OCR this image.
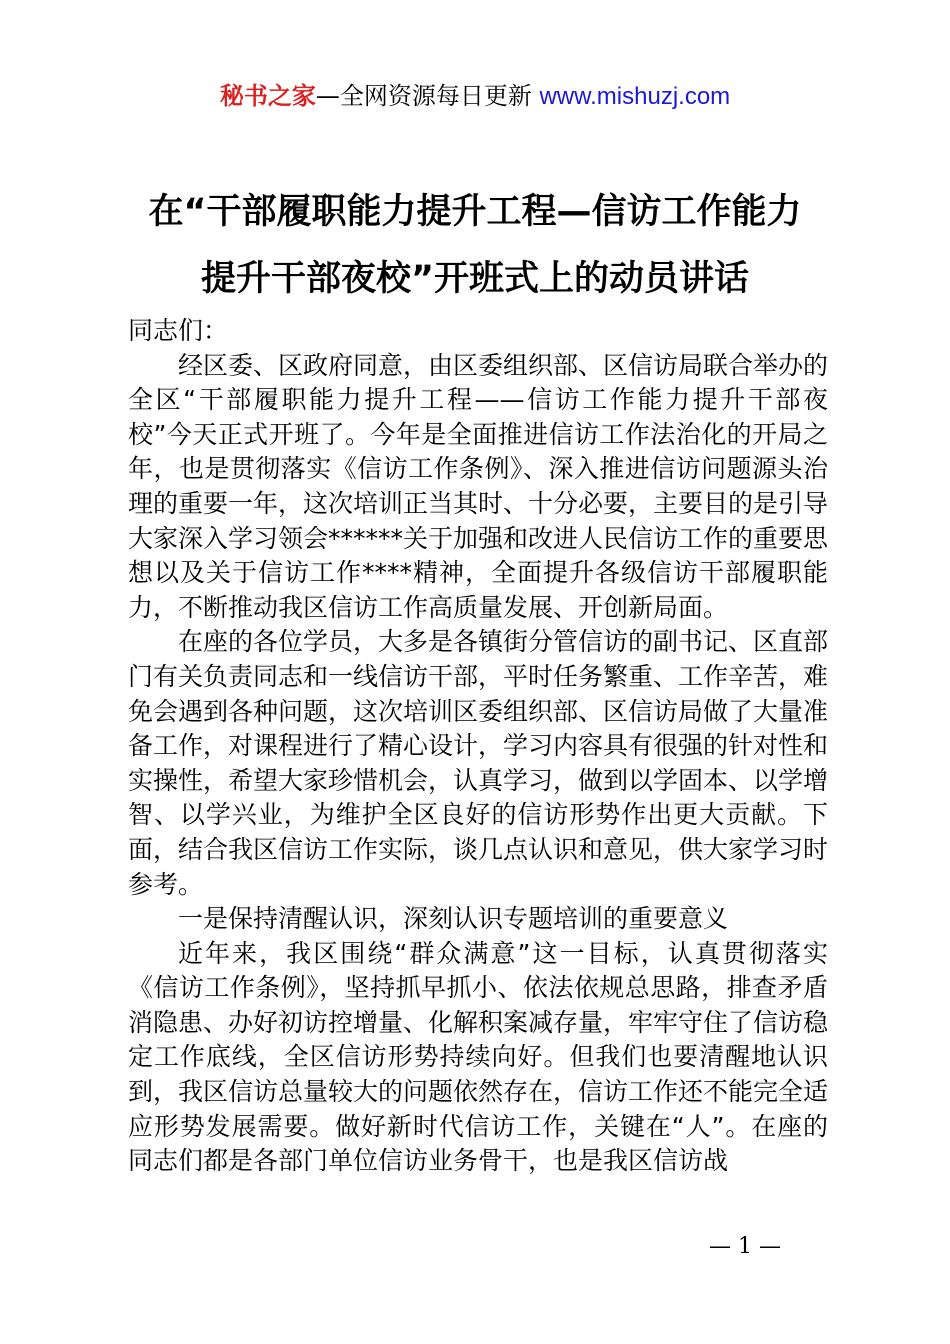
秘书之家—全网资源每日更新 www.mishuzj.com
在“干部履职能力提升工程—信访工作能力
提升干部夜校”开班式上的动员讲话

同志们：

经区委、区政府同意，由区委组织部、区信访局联合举办的全区“干部履职能力提升工程——信访工作能力提升干部夜校”今天正式开班了。今年是全面推进信访工作法治化的开局之年，也是贯彻落实《信访工作条例》、深入推进信访问题源头治理的重要一年，这次培训正当其时、十分必要，主要目的是引导大家深入学习领会******关于加强和改进人民信访工作的重要思想以及关于信访工作****精神，全面提升各级信访干部履职能力，不断推动我区信访工作高质量发展、开创新局面。

在座的各位学员，大多是各镇街分管信访的副书记、区直部门有关负责同志和一线信访干部，平时任务繁重、工作辛苦，难免会遇到各种问题，这次培训区委组织部、区信访局做了大量准备工作，对课程进行了精心设计，学习内容具有很强的针对性和实操性，希望大家珍惜机会，认真学习，做到以学固本、以学增智、以学兴业，为维护全区良好的信访形势作出更大贡献。下面，结合我区信访工作实际，谈几点认识和意见，供大家学习时参考。

一是保持清醒认识，深刻认识专题培训的重要意义

近年来，我区围绕“群众满意”这一目标，认真贯彻落实《信访工作条例》，坚持抓早抓小、依法依规总思路，排查矛盾消隐患、办好初访控增量、化解积案减存量，牢牢守住了信访稳定工作底线，全区信访形势持续向好。但我们也要清醒地认识到，我区信访总量较大的问题依然存在，信访工作还不能完全适应形势发展需要。做好新时代信访工作，关键在“人”。在座的同志们都是各部门单位信访业务骨干，也是我区信访战

— 1 —
